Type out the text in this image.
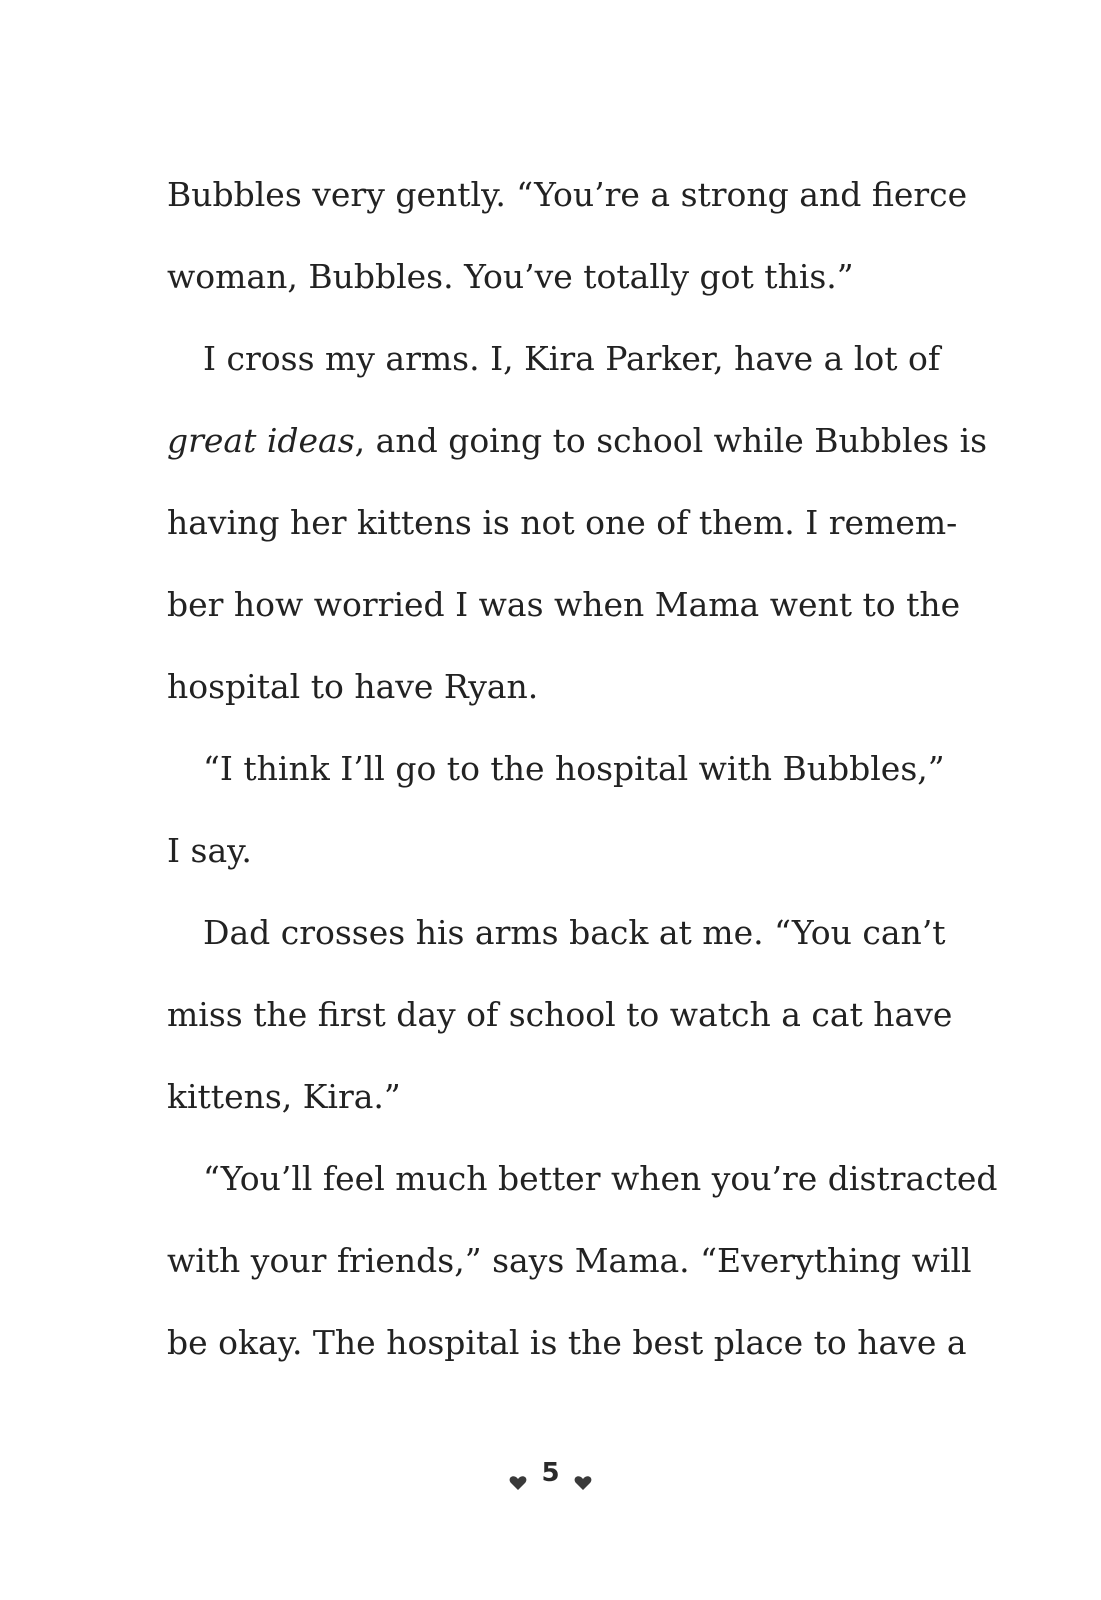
Bubbles very gently. “You’re a strong and fierce
woman, Bubbles. You’ve totally got this.”
I cross my arms. I, Kira Parker, have a lot of
great ideas, and going to school while Bubbles is
having her kittens is not one of them. I remem-
ber how worried I was when Mama went to the
hospital to have Ryan.
“I think I’ll go to the hospital with Bubbles,”
I say.
Dad crosses his arms back at me. “You can’t
miss the first day of school to watch a cat have
kittens, Kira.”
“You’ll feel much better when you’re distracted
with your friends,” says Mama. “Everything will
be okay. The hospital is the best place to have a
5
